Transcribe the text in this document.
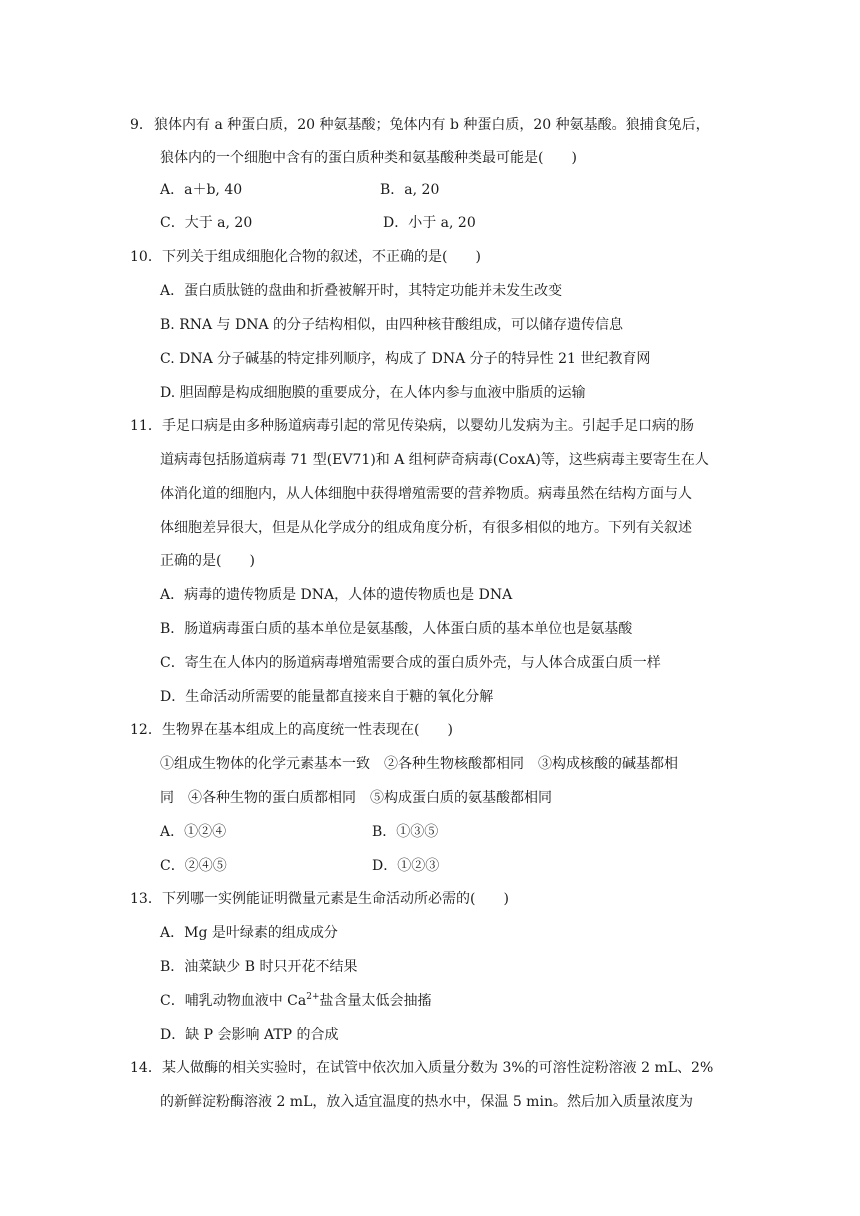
9． 狼体内有 a 种蛋白质，20 种氨基酸；兔体内有 b 种蛋白质，20 种氨基酸。狼捕食兔后，
狼体内的一个细胞中含有的蛋白质种类和氨基酸种类最可能是(　　)
A．a＋b, 40	B．a, 20
C．大于 a, 20	D．小于 a, 20
10． 下列关于组成细胞化合物的叙述，不正确的是(　　)
A．蛋白质肽链的盘曲和折叠被解开时，其特定功能并未发生改变
B. RNA 与 DNA 的分子结构相似，由四种核苷酸组成，可以储存遗传信息
C. DNA 分子碱基的特定排列顺序，构成了 DNA 分子的特异性 21 世纪教育网
D. 胆固醇是构成细胞膜的重要成分，在人体内参与血液中脂质的运输
11． 手足口病是由多种肠道病毒引起的常见传染病，以婴幼儿发病为主。引起手足口病的肠
道病毒包括肠道病毒 71 型(EV71)和 A 组柯萨奇病毒(CoxA)等，这些病毒主要寄生在人
体消化道的细胞内，从人体细胞中获得增殖需要的营养物质。病毒虽然在结构方面与人
体细胞差异很大，但是从化学成分的组成角度分析，有很多相似的地方。下列有关叙述
正确的是(　　)
A．病毒的遗传物质是 DNA，人体的遗传物质也是 DNA
B．肠道病毒蛋白质的基本单位是氨基酸，人体蛋白质的基本单位也是氨基酸
C．寄生在人体内的肠道病毒增殖需要合成的蛋白质外壳，与人体合成蛋白质一样
D．生命活动所需要的能量都直接来自于糖的氧化分解
12． 生物界在基本组成上的高度统一性表现在(　　)
①组成生物体的化学元素基本一致　②各种生物核酸都相同　③构成核酸的碱基都相
同　④各种生物的蛋白质都相同　⑤构成蛋白质的氨基酸都相同
A．①②④	B．①③⑤
C．②④⑤	D．①②③
13． 下列哪一实例能证明微量元素是生命活动所必需的(　　)
A．Mg 是叶绿素的组成成分
B．油菜缺少 B 时只开花不结果
C．哺乳动物血液中 $Ca^{2+}$盐含量太低会抽搐
D．缺 P 会影响 ATP 的合成
14． 某人做酶的相关实验时，在试管中依次加入质量分数为 3%的可溶性淀粉溶液 2 mL、2%
的新鲜淀粉酶溶液 2 mL，放入适宜温度的热水中，保温 5 min。然后加入质量浓度为
